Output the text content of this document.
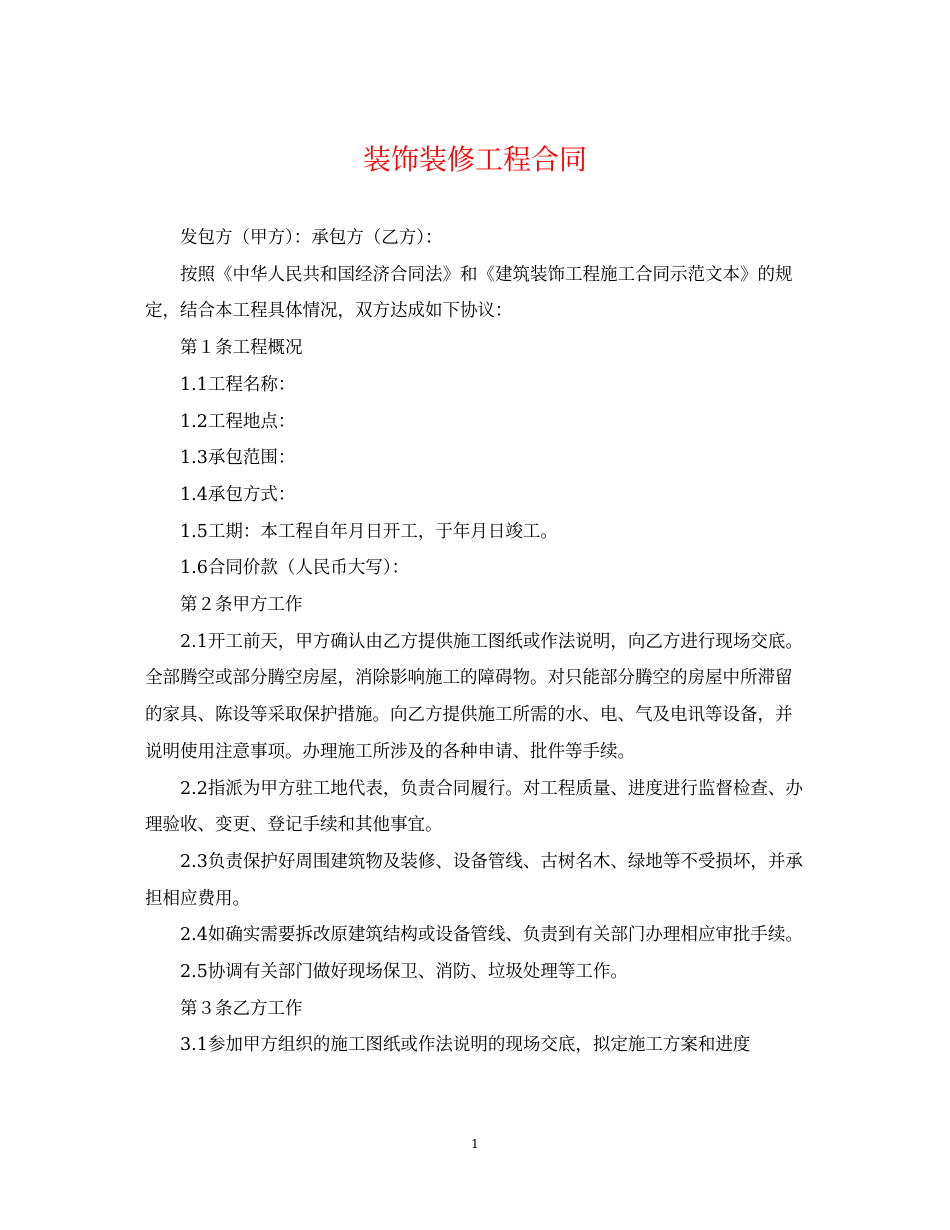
装饰装修工程合同

发包方（甲方）：承包方（乙方）：

按照《中华人民共和国经济合同法》和《建筑装饰工程施工合同示范文本》的规定，结合本工程具体情况，双方达成如下协议：

第１条工程概况

1.1工程名称：

1.2工程地点：

1.3承包范围：

1.4承包方式：

1.5工期：本工程自年月日开工，于年月日竣工。

1.6合同价款（人民币大写）：

第２条甲方工作

2.1开工前天，甲方确认由乙方提供施工图纸或作法说明，向乙方进行现场交底。全部腾空或部分腾空房屋，消除影响施工的障碍物。对只能部分腾空的房屋中所滞留的家具、陈设等采取保护措施。向乙方提供施工所需的水、电、气及电讯等设备，并说明使用注意事项。办理施工所涉及的各种申请、批件等手续。

2.2指派为甲方驻工地代表，负责合同履行。对工程质量、进度进行监督检查、办理验收、变更、登记手续和其他事宜。

2.3负责保护好周围建筑物及装修、设备管线、古树名木、绿地等不受损坏，并承担相应费用。

2.4如确实需要拆改原建筑结构或设备管线、负责到有关部门办理相应审批手续。

2.5协调有关部门做好现场保卫、消防、垃圾处理等工作。

第３条乙方工作

3.1参加甲方组织的施工图纸或作法说明的现场交底，拟定施工方案和进度

1
